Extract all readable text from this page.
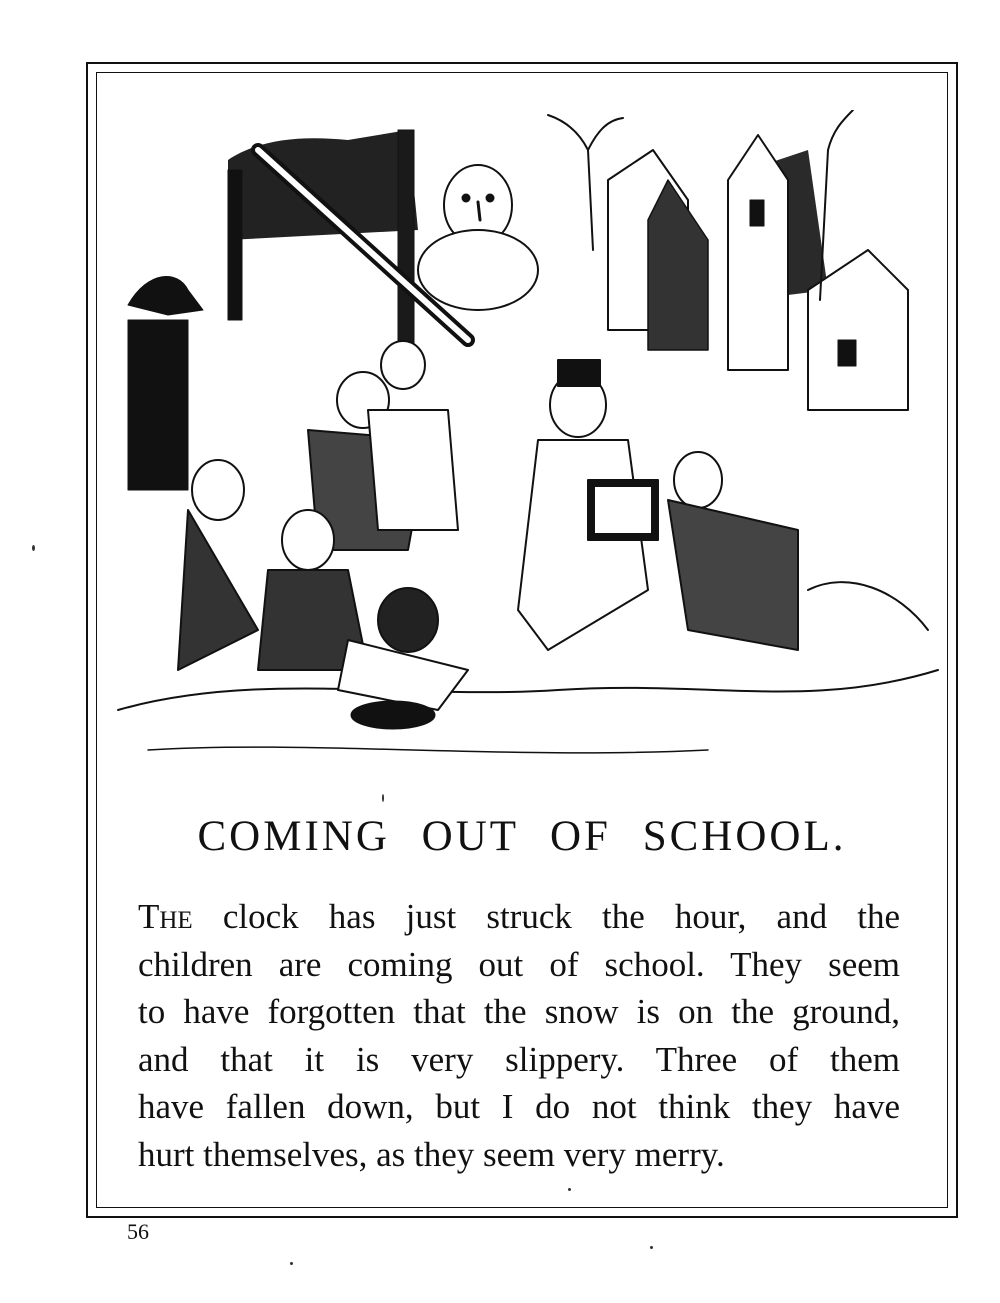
COMING OUT OF SCHOOL.
The clock has just struck the hour, and the
children are coming out of school. They seem
to have forgotten that the snow is on the ground,
and that it is very slippery. Three of them
have fallen down, but I do not think they have
hurt themselves, as they seem very merry.
56
